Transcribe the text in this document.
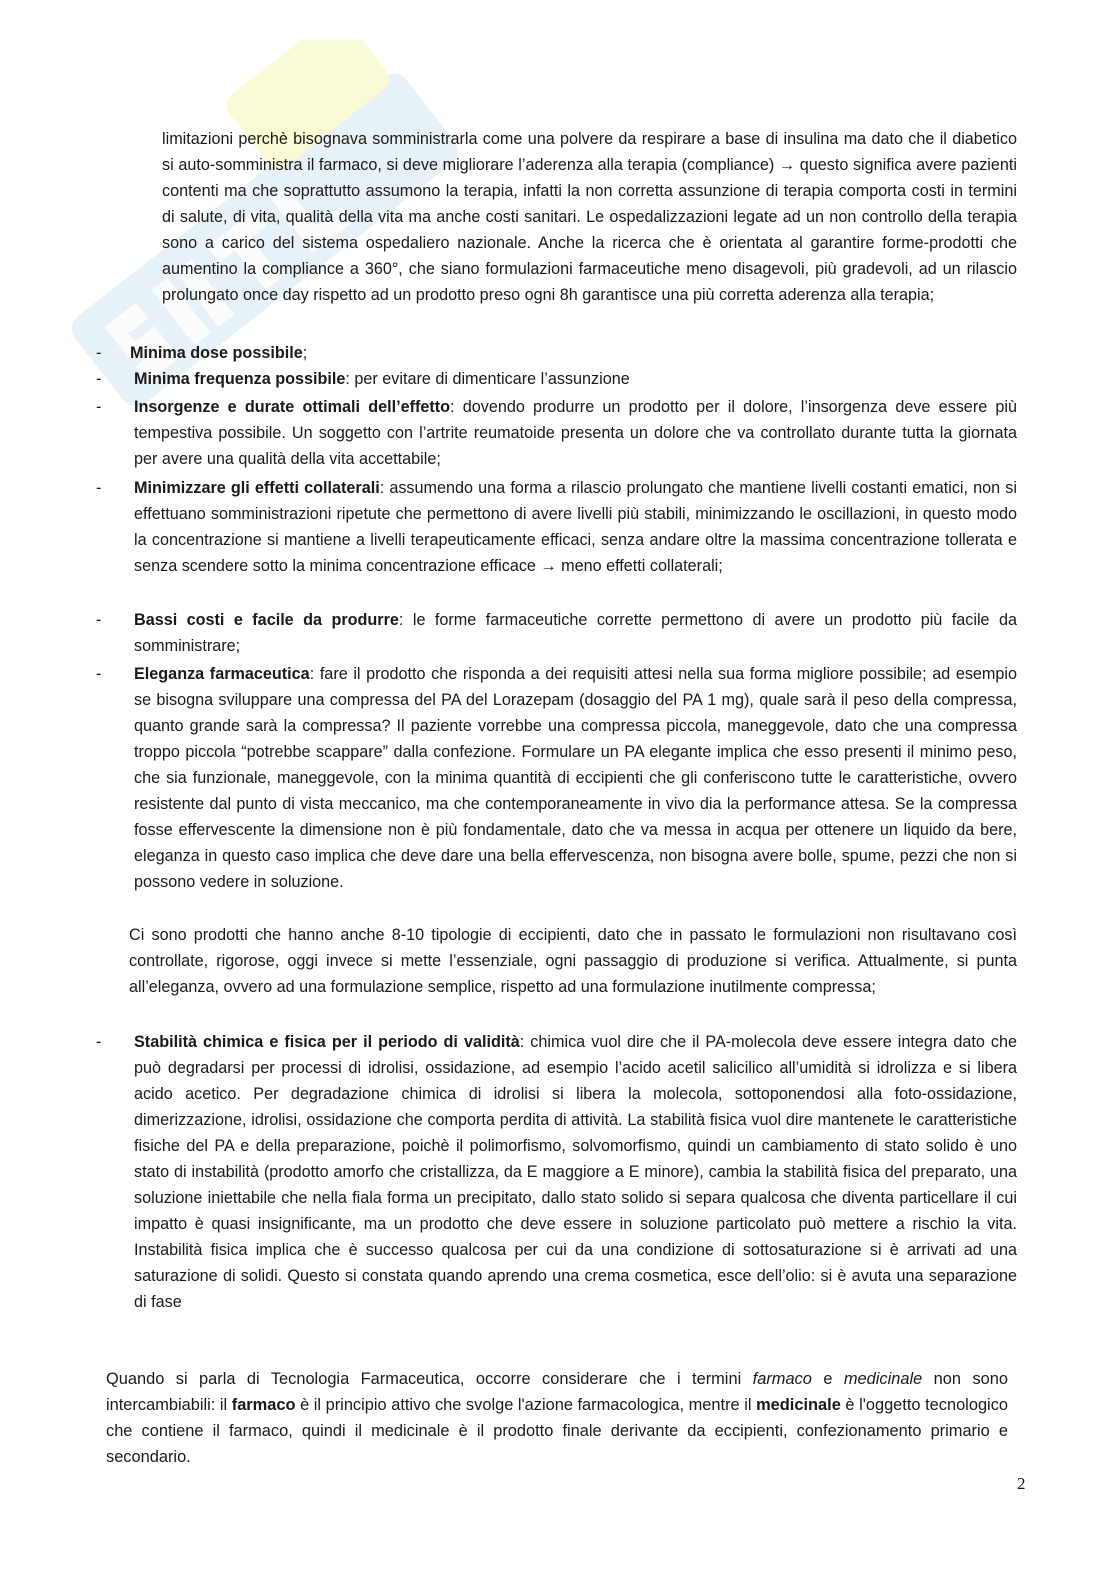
limitazioni perchè bisognava somministrarla come una polvere da respirare a base di insulina ma dato che il diabetico si auto-somministra il farmaco, si deve migliorare l’aderenza alla terapia (compliance) → questo significa avere pazienti contenti ma che soprattutto assumono la terapia, infatti la non corretta assunzione di terapia comporta costi in termini di salute, di vita, qualità della vita ma anche costi sanitari. Le ospedalizzazioni legate ad un non controllo della terapia sono a carico del sistema ospedaliero nazionale. Anche la ricerca che è orientata al garantire forme-prodotti che aumentino la compliance a 360°, che siano formulazioni farmaceutiche meno disagevoli, più gradevoli, ad un rilascio prolungato once day rispetto ad un prodotto preso ogni 8h garantisce una più corretta aderenza alla terapia;

- Minima dose possibile;

- Minima frequenza possibile: per evitare di dimenticare l’assunzione

- Insorgenze e durate ottimali dell’effetto: dovendo produrre un prodotto per il dolore, l’insorgenza deve essere più tempestiva possibile. Un soggetto con l’artrite reumatoide presenta un dolore che va controllato durante tutta la giornata per avere una qualità della vita accettabile;

- Minimizzare gli effetti collaterali: assumendo una forma a rilascio prolungato che mantiene livelli costanti ematici, non si effettuano somministrazioni ripetute che permettono di avere livelli più stabili, minimizzando le oscillazioni, in questo modo la concentrazione si mantiene a livelli terapeuticamente efficaci, senza andare oltre la massima concentrazione tollerata e senza scendere sotto la minima concentrazione efficace → meno effetti collaterali;

- Bassi costi e facile da produrre: le forme farmaceutiche corrette permettono di avere un prodotto più facile da somministrare;

- Eleganza farmaceutica: fare il prodotto che risponda a dei requisiti attesi nella sua forma migliore possibile; ad esempio se bisogna sviluppare una compressa del PA del Lorazepam (dosaggio del PA 1 mg), quale sarà il peso della compressa, quanto grande sarà la compressa? Il paziente vorrebbe una compressa piccola, maneggevole, dato che una compressa troppo piccola “potrebbe scappare” dalla confezione. Formulare un PA elegante implica che esso presenti il minimo peso, che sia funzionale, maneggevole, con la minima quantità di eccipienti che gli conferiscono tutte le caratteristiche, ovvero resistente dal punto di vista meccanico, ma che contemporaneamente in vivo dia la performance attesa. Se la compressa fosse effervescente la dimensione non è più fondamentale, dato che va messa in acqua per ottenere un liquido da bere, eleganza in questo caso implica che deve dare una bella effervescenza, non bisogna avere bolle, spume, pezzi che non si possono vedere in soluzione.

Ci sono prodotti che hanno anche 8-10 tipologie di eccipienti, dato che in passato le formulazioni non risultavano così controllate, rigorose, oggi invece si mette l’essenziale, ogni passaggio di produzione si verifica. Attualmente, si punta all’eleganza, ovvero ad una formulazione semplice, rispetto ad una formulazione inutilmente compressa;

- Stabilità chimica e fisica per il periodo di validità: chimica vuol dire che il PA-molecola deve essere integra dato che può degradarsi per processi di idrolisi, ossidazione, ad esempio l’acido acetil salicilico all’umidità si idrolizza e si libera acido acetico. Per degradazione chimica di idrolisi si libera la molecola, sottoponendosi alla foto-ossidazione, dimerizzazione, idrolisi, ossidazione che comporta perdita di attività. La stabilità fisica vuol dire mantenete le caratteristiche fisiche del PA e della preparazione, poichè il polimorfismo, solvomorfismo, quindi un cambiamento di stato solido è uno stato di instabilità (prodotto amorfo che cristallizza, da E maggiore a E minore), cambia la stabilità fisica del preparato, una soluzione iniettabile che nella fiala forma un precipitato, dallo stato solido si separa qualcosa che diventa particellare il cui impatto è quasi insignificante, ma un prodotto che deve essere in soluzione particolato può mettere a rischio la vita. Instabilità fisica implica che è successo qualcosa per cui da una condizione di sottosaturazione si è arrivati ad una saturazione di solidi. Questo si constata quando aprendo una crema cosmetica, esce dell’olio: si è avuta una separazione di fase

Quando si parla di Tecnologia Farmaceutica, occorre considerare che i termini farmaco e medicinale non sono intercambiabili: il farmaco è il principio attivo che svolge l'azione farmacologica, mentre il medicinale è l'oggetto tecnologico che contiene il farmaco, quindi il medicinale è il prodotto finale derivante da eccipienti, confezionamento primario e secondario.

2
